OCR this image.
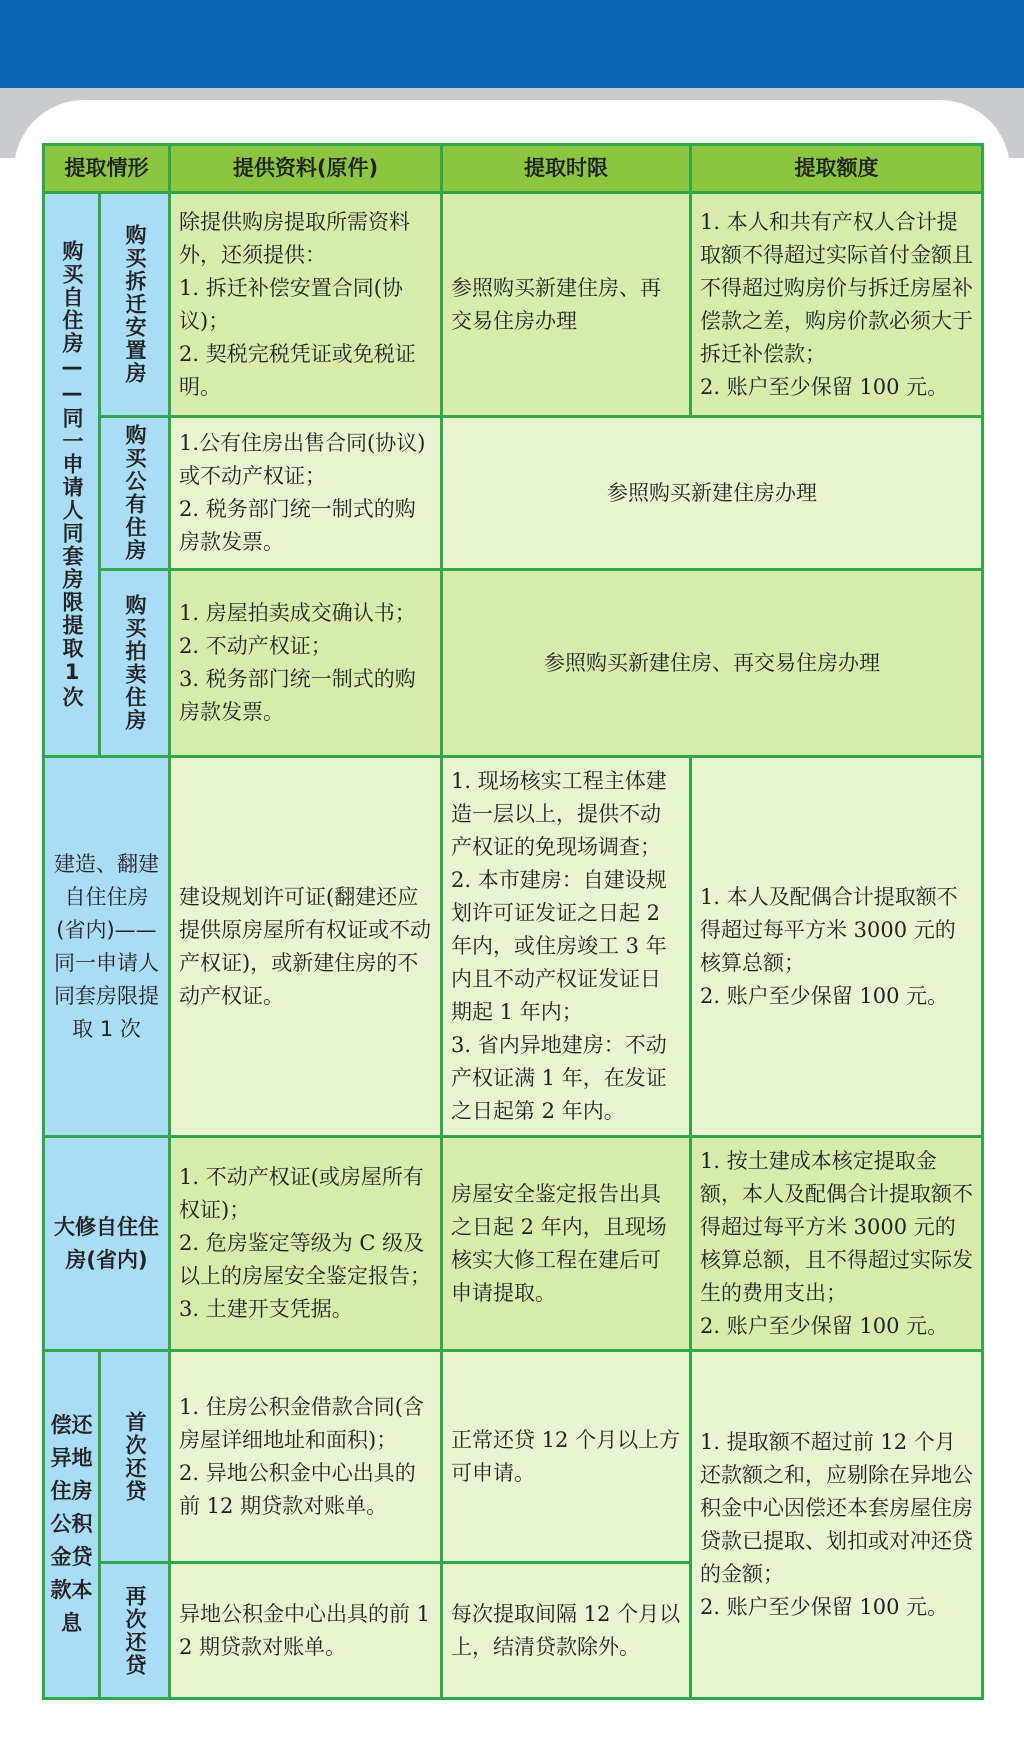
提取情形		提供资料(原件)	提取时限	提取额度

购买自住房——同一申请人同套房限提取1次	购买拆迁安置房	除提供购房提取所需资料外，还须提供：
1. 拆迁补偿安置合同(协议)；
2. 契税完税凭证或免税证明。	参照购买新建住房、再交易住房办理	1. 本人和共有产权人合计提取额不得超过实际首付金额且不得超过购房价与拆迁房屋补偿款之差，购房价款必须大于拆迁补偿款；
2. 账户至少保留 100 元。

	购买公有住房	1.公有住房出售合同(协议)或不动产权证；
2. 税务部门统一制式的购房款发票。	参照购买新建住房办理	

	购买拍卖住房	1. 房屋拍卖成交确认书；
2. 不动产权证；
3. 税务部门统一制式的购房款发票。	参照购买新建住房、再交易住房办理	
建造、翻建自住住房(省内)——同一申请人同套房限提取 1 次		建设规划许可证(翻建还应提供原房屋所有权证或不动产权证)，或新建住房的不动产权证。	1. 现场核实工程主体建造一层以上，提供不动产权证的免现场调查；
2. 本市建房：自建设规划许可证发证之日起 2 年内，或住房竣工 3 年内且不动产权证发证日期起 1 年内；
3. 省内异地建房：不动产权证满 1 年，在发证之日起第 2 年内。	1. 本人及配偶合计提取额不得超过每平方米 3000 元的核算总额；
2. 账户至少保留 100 元。
大修自住住房(省内)		1. 不动产权证(或房屋所有权证)；
2. 危房鉴定等级为 C 级及以上的房屋安全鉴定报告；
3. 土建开支凭据。	房屋安全鉴定报告出具之日起 2 年内，且现场核实大修工程在建后可申请提取。	1. 按土建成本核定提取金额，本人及配偶合计提取额不得超过每平方米 3000 元的核算总额，且不得超过实际发生的费用支出；
2. 账户至少保留 100 元。
偿还异地住房公积金贷款本息	首次还贷	1. 住房公积金借款合同(含房屋详细地址和面积)；
2. 异地公积金中心出具的前 12 期贷款对账单。	正常还贷 12 个月以上方可申请。	1. 提取额不超过前 12 个月还款额之和，应剔除在异地公积金中心因偿还本套房屋住房贷款已提取、划扣或对冲还贷的金额；
2. 账户至少保留 100 元。

	再次还贷	异地公积金中心出具的前 12 期贷款对账单。	每次提取间隔 12 个月以上，结清贷款除外。	
